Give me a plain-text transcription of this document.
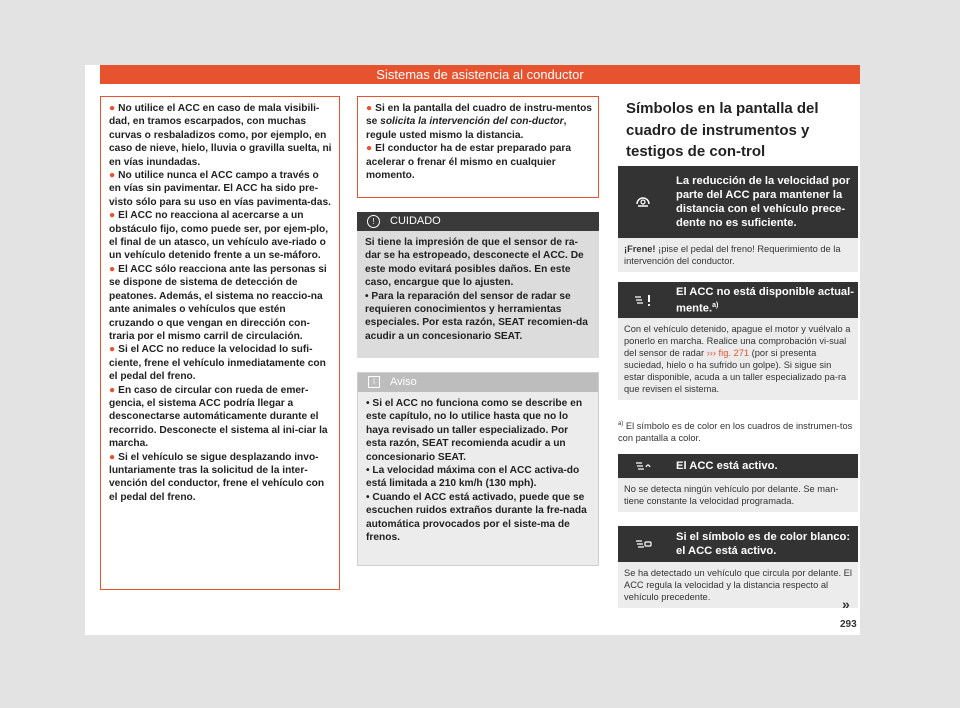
Sistemas de asistencia al conductor

● No utilice el ACC en caso de mala visibili-dad, en tramos escarpados, con muchas curvas o resbaladizos como, por ejemplo, en caso de nieve, hielo, lluvia o gravilla suelta, ni en vías inundadas.

● No utilice nunca el ACC campo a través o en vías sin pavimentar. El ACC ha sido pre-visto sólo para su uso en vías pavimenta-das.

● El ACC no reacciona al acercarse a un obstáculo fijo, como puede ser, por ejem-plo, el final de un atasco, un vehículo ave-riado o un vehículo detenido frente a un se-máforo.

● El ACC sólo reacciona ante las personas si se dispone de sistema de detección de peatones. Además, el sistema no reaccio-na ante animales o vehículos que estén cruzando o que vengan en dirección con-traria por el mismo carril de circulación.

● Si el ACC no reduce la velocidad lo sufi-ciente, frene el vehículo inmediatamente con el pedal del freno.

● En caso de circular con rueda de emer-gencia, el sistema ACC podría llegar a desconectarse automáticamente durante el recorrido. Desconecte el sistema al ini-ciar la marcha.

● Si el vehículo se sigue desplazando invo-luntariamente tras la solicitud de la inter-vención del conductor, frene el vehículo con el pedal del freno.

● Si en la pantalla del cuadro de instru-mentos se solicita la intervención del con-ductor, regule usted mismo la distancia.

● El conductor ha de estar preparado para acelerar o frenar él mismo en cualquier momento.

! CUIDADO

Si tiene la impresión de que el sensor de ra-dar se ha estropeado, desconecte el ACC. De este modo evitará posibles daños. En este caso, encargue que lo ajusten.

• Para la reparación del sensor de radar se requieren conocimientos y herramientas especiales. Por esta razón, SEAT recomien-da acudir a un concesionario SEAT.

i Aviso

• Si el ACC no funciona como se describe en este capítulo, no lo utilice hasta que no lo haya revisado un taller especializado. Por esta razón, SEAT recomienda acudir a un concesionario SEAT.

• La velocidad máxima con el ACC activa-do está limitada a 210 km/h (130 mph).

• Cuando el ACC está activado, puede que se escuchen ruidos extraños durante la fre-nada automática provocados por el siste-ma de frenos.

Símbolos en la pantalla del cuadro de instrumentos y testigos de con-trol
La reducción de la velocidad por parte del ACC para mantener la distancia con el vehículo prece-dente no es suficiente.
¡Frene! ¡pise el pedal del freno! Requerimiento de la intervención del conductor.
El ACC no está disponible actual-mente.$^{a)}$
Con el vehículo detenido, apague el motor y vuélvalo a ponerlo en marcha. Realice una comprobación vi-sual del sensor de radar ››› fig. 271 (por si presenta suciedad, hielo o ha sufrido un golpe). Si sigue sin estar disponible, acuda a un taller especializado pa-ra que revisen el sistema.
$^{a)}$ El símbolo es de color en los cuadros de instrumen-tos con pantalla a color.
El ACC está activo.
No se detecta ningún vehículo por delante. Se man-tiene constante la velocidad programada.
Si el símbolo es de color blanco: el ACC está activo.
Se ha detectado un vehículo que circula por delante. El ACC regula la velocidad y la distancia respecto al vehículo precedente.	»
293
